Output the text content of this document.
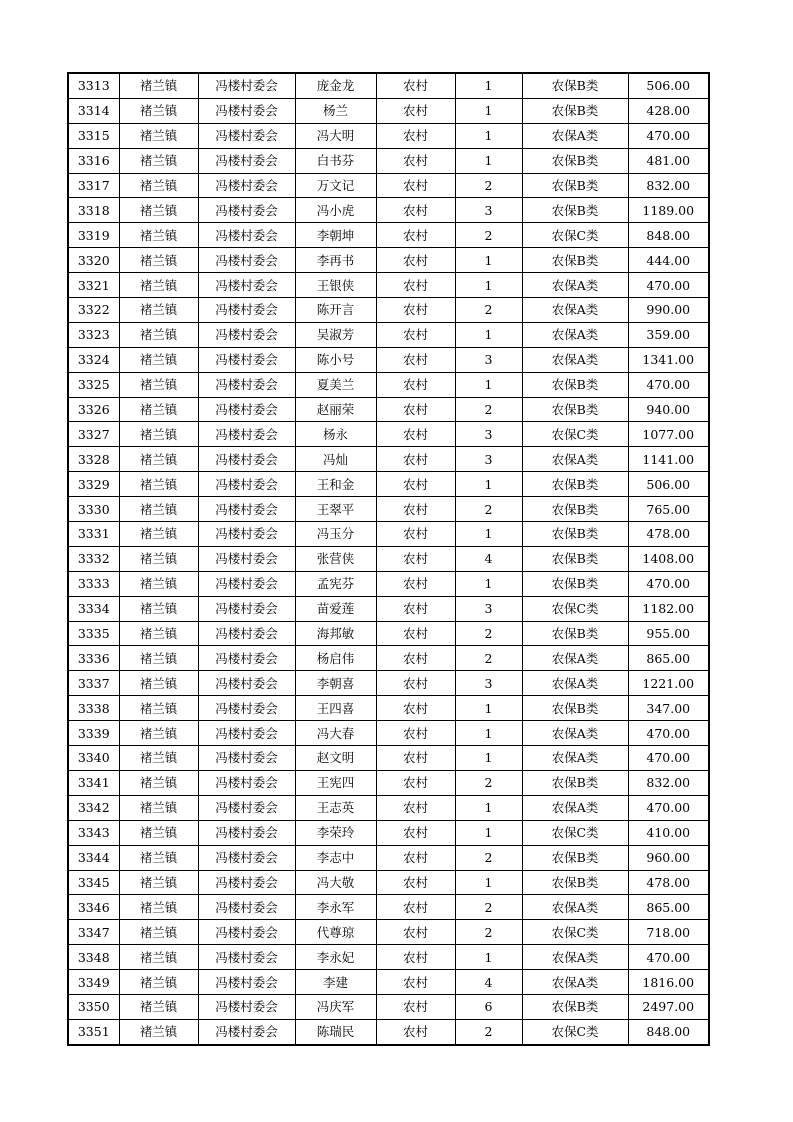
3313	褚兰镇	冯楼村委会	庞金龙	农村	1	农保B类	506.00
3314	褚兰镇	冯楼村委会	杨兰	农村	1	农保B类	428.00
3315	褚兰镇	冯楼村委会	冯大明	农村	1	农保A类	470.00
3316	褚兰镇	冯楼村委会	白书芬	农村	1	农保B类	481.00
3317	褚兰镇	冯楼村委会	万文记	农村	2	农保B类	832.00
3318	褚兰镇	冯楼村委会	冯小虎	农村	3	农保B类	1189.00
3319	褚兰镇	冯楼村委会	李朝坤	农村	2	农保C类	848.00
3320	褚兰镇	冯楼村委会	李再书	农村	1	农保B类	444.00
3321	褚兰镇	冯楼村委会	王银侠	农村	1	农保A类	470.00
3322	褚兰镇	冯楼村委会	陈开言	农村	2	农保A类	990.00
3323	褚兰镇	冯楼村委会	吴淑芳	农村	1	农保A类	359.00
3324	褚兰镇	冯楼村委会	陈小号	农村	3	农保A类	1341.00
3325	褚兰镇	冯楼村委会	夏美兰	农村	1	农保B类	470.00
3326	褚兰镇	冯楼村委会	赵丽荣	农村	2	农保B类	940.00
3327	褚兰镇	冯楼村委会	杨永	农村	3	农保C类	1077.00
3328	褚兰镇	冯楼村委会	冯灿	农村	3	农保A类	1141.00
3329	褚兰镇	冯楼村委会	王和金	农村	1	农保B类	506.00
3330	褚兰镇	冯楼村委会	王翠平	农村	2	农保B类	765.00
3331	褚兰镇	冯楼村委会	冯玉分	农村	1	农保B类	478.00
3332	褚兰镇	冯楼村委会	张营侠	农村	4	农保B类	1408.00
3333	褚兰镇	冯楼村委会	孟宪芬	农村	1	农保B类	470.00
3334	褚兰镇	冯楼村委会	苗爱莲	农村	3	农保C类	1182.00
3335	褚兰镇	冯楼村委会	海邦敏	农村	2	农保B类	955.00
3336	褚兰镇	冯楼村委会	杨启伟	农村	2	农保A类	865.00
3337	褚兰镇	冯楼村委会	李朝喜	农村	3	农保A类	1221.00
3338	褚兰镇	冯楼村委会	王四喜	农村	1	农保B类	347.00
3339	褚兰镇	冯楼村委会	冯大春	农村	1	农保A类	470.00
3340	褚兰镇	冯楼村委会	赵文明	农村	1	农保A类	470.00
3341	褚兰镇	冯楼村委会	王宪四	农村	2	农保B类	832.00
3342	褚兰镇	冯楼村委会	王志英	农村	1	农保A类	470.00
3343	褚兰镇	冯楼村委会	李荣玲	农村	1	农保C类	410.00
3344	褚兰镇	冯楼村委会	李志中	农村	2	农保B类	960.00
3345	褚兰镇	冯楼村委会	冯大敬	农村	1	农保B类	478.00
3346	褚兰镇	冯楼村委会	李永军	农村	2	农保A类	865.00
3347	褚兰镇	冯楼村委会	代尊琼	农村	2	农保C类	718.00
3348	褚兰镇	冯楼村委会	李永妃	农村	1	农保A类	470.00
3349	褚兰镇	冯楼村委会	李建	农村	4	农保A类	1816.00
3350	褚兰镇	冯楼村委会	冯庆军	农村	6	农保B类	2497.00
3351	褚兰镇	冯楼村委会	陈瑞民	农村	2	农保C类	848.00
